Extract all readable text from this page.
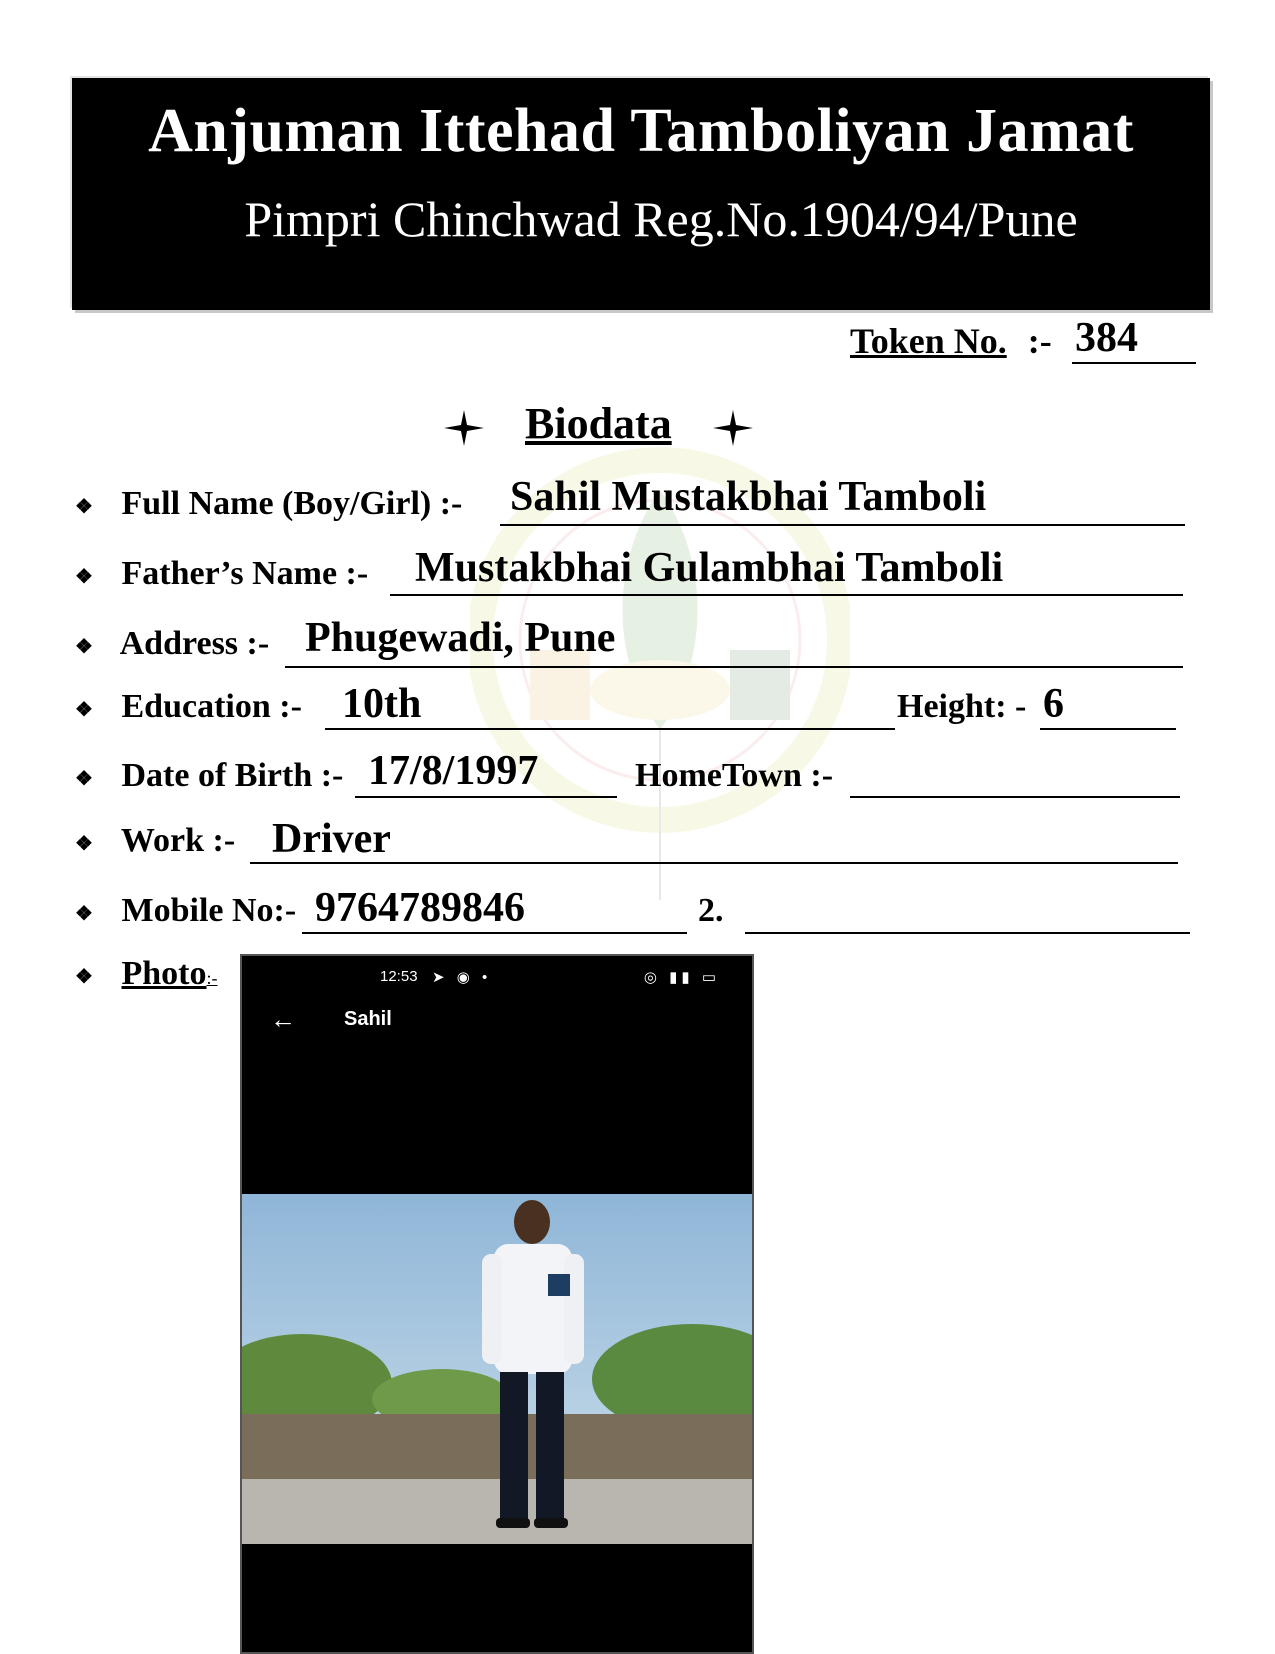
Anjuman Ittehad Tamboliyan Jamat
Pimpri Chinchwad Reg.No.1904/94/Pune
Token No. :- 384
Biodata
❖ Full Name (Boy/Girl) :- Sahil Mustakbhai Tamboli
❖ Father’s Name :- Mustakbhai Gulambhai Tamboli
❖ Address :- Phugewadi, Pune
❖ Education :- 10th	Height: - 6
❖ Date of Birth :- 17/8/1997	HomeTown :-
❖ Work :- Driver
❖ Mobile No:- 9764789846	2.
❖ Photo:-	12:53 ➤ ◉ •	◎ ▮▮ ▭
← Sahil
